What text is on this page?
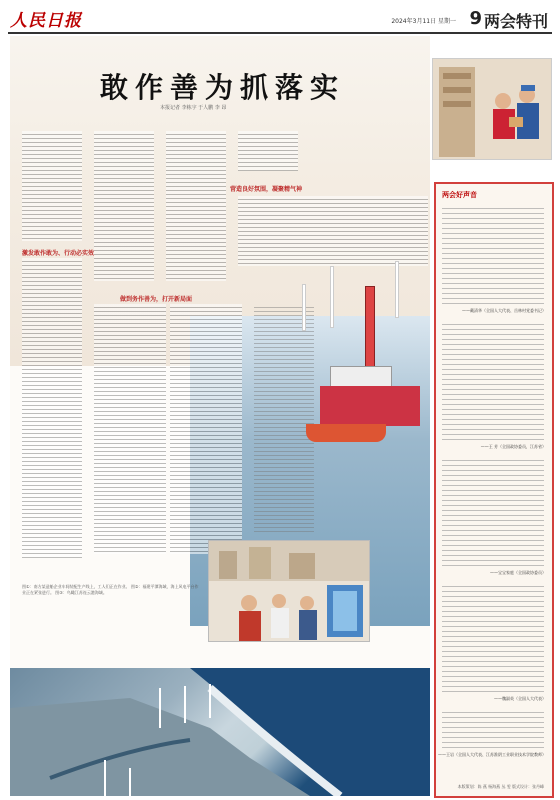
人民日报	2024年3月11日 星期一 9 两会特刊
敢作善为抓落实
本报记者 李栋宇 于人鹏 李 昂
激发敢作敢为、行动必实效
做到务作善为，打开新局面
营造良好氛围，凝聚精气神
图①：南方某造船企业车间装配生产线上，工人们正在作业。 图②：福建平潭海域，海上风电平台作业正在紧张进行。 图③：鸟瞰江苏连云港海域。
两会好声音
——戴清华（全国人大代表、岳林村党委书记）
——王 芳（全国政协委员，江苏省）
——宝宝家庭（全国政协委员）
——魏淑英（全国人大代表）
——王岩（全国人大代表、江苏淮阴工业职业技术学院教师）
本版策划：陈 燕 杨海燕 丛 雯 版式设计：张丹峰
